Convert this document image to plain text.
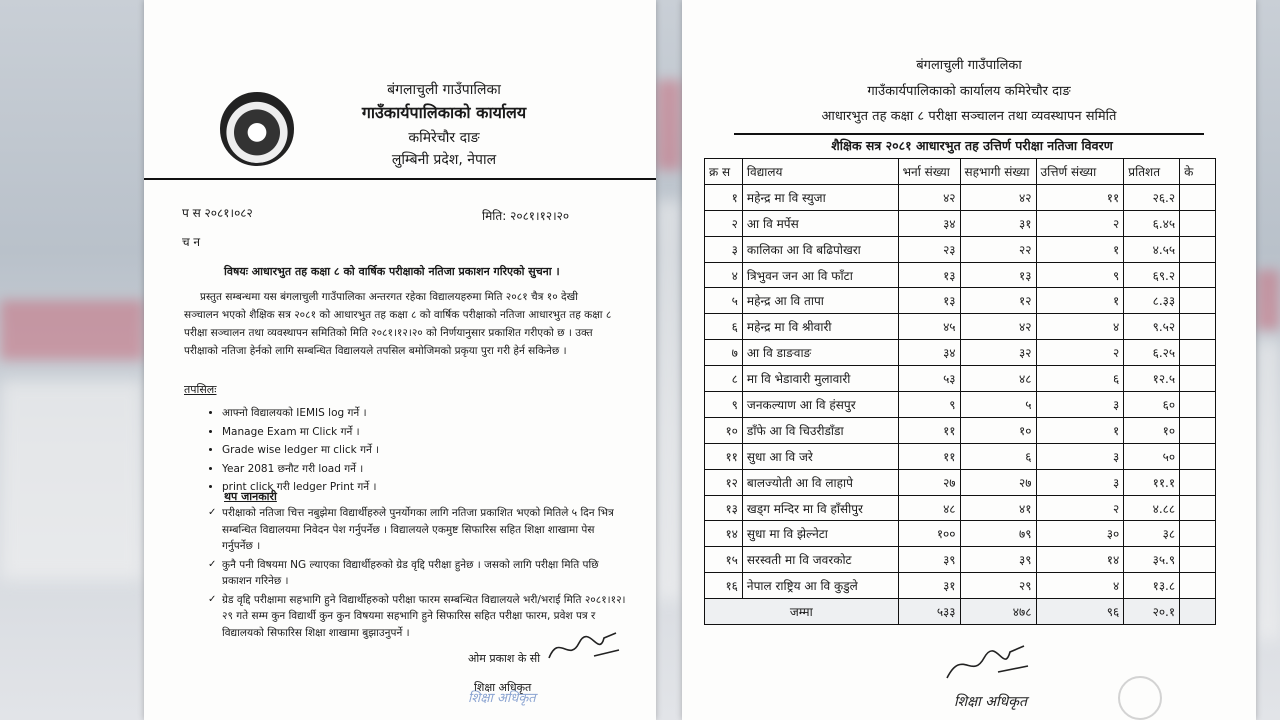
बंगलाचुली गाउँपालिका
गाउँकार्यपालिकाको कार्यालय
कमिरेचौर दाङ
लुम्बिनी प्रदेश, नेपाल
प स २०८१।०८२	मिति: २०८१।१२।२०
च न
विषयः आधारभुत तह कक्षा ८ को वार्षिक परीक्षाको नतिजा प्रकाशन गरिएको सुचना ।

प्रस्तुत सम्बन्धमा यस बंगलाचुली गाउँपालिका अन्तरगत रहेका विद्यालयहरुमा मिति २०८१ चैत्र १० देखी सञ्चालन भएको शैक्षिक सत्र २०८१ को आधारभुत तह कक्षा ८ को वार्षिक परीक्षाको नतिजा आधारभुत तह कक्षा ८ परीक्षा सञ्चालन तथा व्यवस्थापन समितिको मिति २०८१।१२।२० को निर्णयानुसार प्रकाशित गरीएको छ । उक्त परीक्षाको नतिजा हेर्नको लागि सम्बन्धित विद्यालयले तपसिल बमोजिमको प्रकृया पुरा गरी हेर्न सकिनेछ ।

तपसिलः
• आफ्नो विद्यालयको IEMIS log गर्ने ।
• Manage Exam मा Click गर्ने ।
• Grade wise ledger मा click गर्ने ।
• Year 2081 छनौट गरी load गर्ने ।
• print click गरी ledger Print गर्ने ।
थप जानकारी
✓ परीक्षाको नतिजा चित्त नबुझेमा विद्यार्थीहरुले पुनर्योगका लागि नतिजा प्रकाशित भएको मितिले ५ दिन भित्र सम्बन्धित विद्यालयमा निवेदन पेश गर्नुपर्नेछ । विद्यालयले एकमुष्ट सिफारिस सहित शिक्षा शाखामा पेस गर्नुपर्नेछ ।
✓ कुनै पनी विषयमा NG ल्याएका विद्यार्थीहरुको ग्रेड वृद्दि परीक्षा हुनेछ । जसको लागि परीक्षा मिति पछि प्रकाशन गरिनेछ ।
✓ ग्रेड वृद्दि परीक्षामा सहभागि हुने विद्यार्थीहरुको परीक्षा फारम सम्बन्धित विद्यालयले भरी/भराई मिति २०८१।१२।२९ गते सम्म कुन विद्यार्थी कुन कुन विषयमा सहभागि हुने सिफारिस सहित परीक्षा फारम, प्रवेश पत्र र विद्यालयको सिफारिस शिक्षा शाखामा बुझाउनुपर्ने ।
ओम प्रकाश के सी
शिक्षा अधिकृत
शिक्षा अधिकृत
बंगलाचुली गाउँपालिका
गाउँकार्यपालिकाको कार्यालय कमिरेचौर दाङ
आधारभुत तह कक्षा ८ परीक्षा सञ्चालन तथा व्यवस्थापन समिति
शैक्षिक सत्र २०८१ आधारभुत तह उत्तिर्ण परीक्षा नतिजा विवरण
क्र स	विद्यालय	भर्ना संख्या	सहभागी संख्या	उत्तिर्ण संख्या	प्रतिशत	के
१	महेन्द्र मा वि स्युजा	४२	४२	११	२६.२	
२	आ वि मर्पेस	३४	३१	२	६.४५	
३	कालिका आ वि बढिपोखरा	२३	२२	१	४.५५	
४	त्रिभुवन जन आ वि फाँटा	१३	१३	९	६९.२	
५	महेन्द्र आ वि तापा	१३	१२	१	८.३३	
६	महेन्द्र मा वि श्रीवारी	४५	४२	४	९.५२	
७	आ वि डाङवाङ	३४	३२	२	६.२५	
८	मा वि भेडावारी मुलावारी	५३	४८	६	१२.५	
९	जनकल्याण आ वि हंसपुर	९	५	३	६०	
१०	डाँफे आ वि चिउरीडाँडा	११	१०	१	१०	
११	सुधा आ वि जरे	११	६	३	५०	
१२	बालज्योती आ वि लाहापे	२७	२७	३	११.१	
१३	खड्ग मन्दिर मा वि हाँसीपुर	४८	४१	२	४.८८	
१४	सुधा मा वि झेल्नेटा	१००	७९	३०	३८	
१५	सरस्वती मा वि जवरकोट	३९	३९	१४	३५.९	
१६	नेपाल राष्ट्रिय आ वि कुडुले	३१	२९	४	१३.८	
जम्मा		५३३	४७८	९६	२०.१	
शिक्षा अधिकृत
